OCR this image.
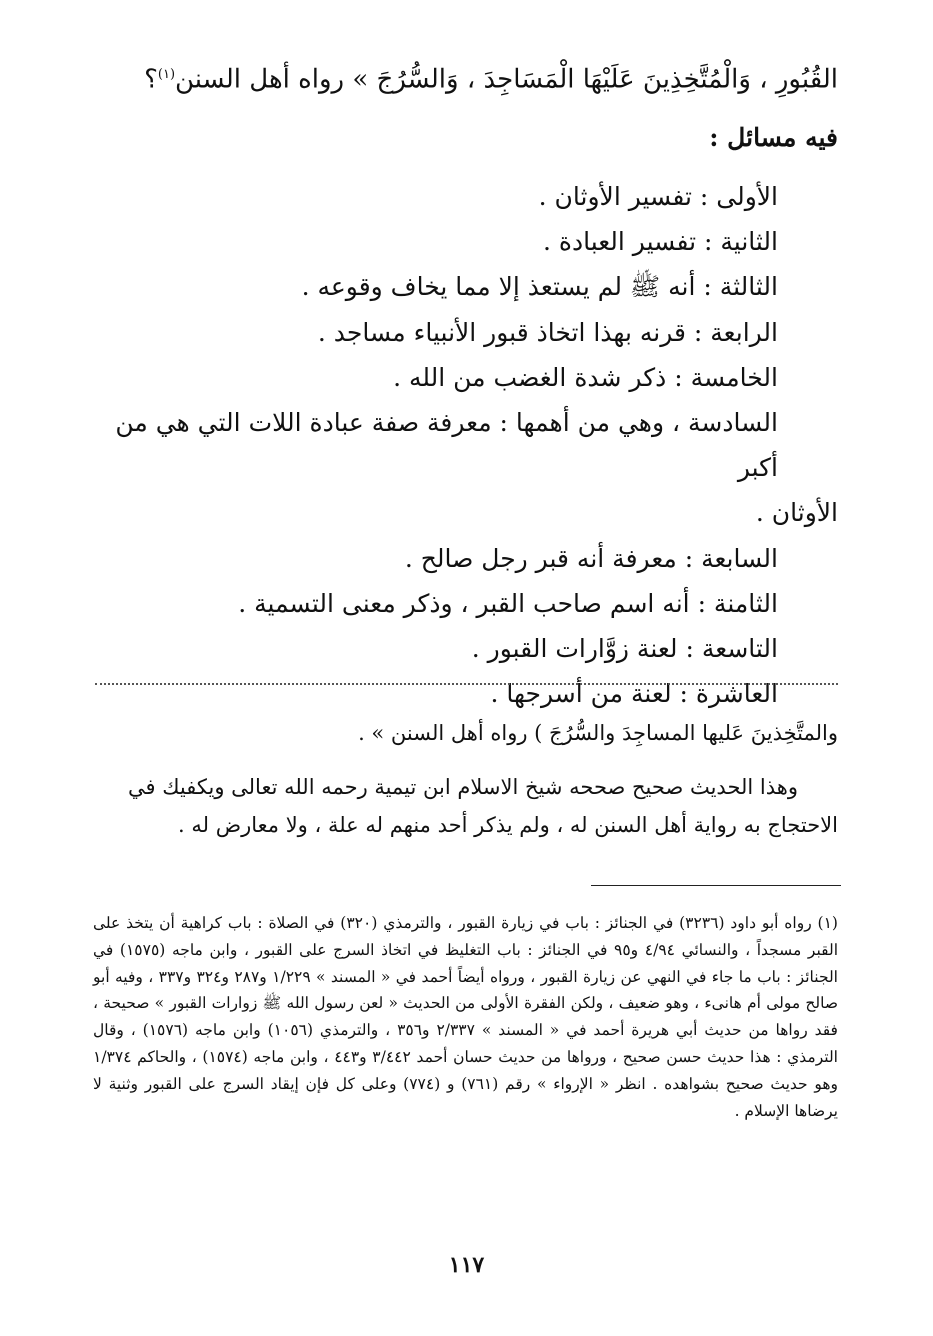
القُبُورِ ، وَالْمُتَّخِذِينَ عَلَيْهَا الْمَسَاجِدَ ، وَالسُّرُجَ » رواه أهل السنن$^{(١)}$؟
فيه مسائل :
الأولى : تفسير الأوثان .
الثانية : تفسير العبادة .
الثالثة : أنه ﷺ لم يستعذ إلا مما يخاف وقوعه .
الرابعة : قرنه بهذا اتخاذ قبور الأنبياء مساجد .
الخامسة : ذكر شدة الغضب من الله .
السادسة ، وهي من أهمها : معرفة صفة عبادة اللات التي هي من أكبر
الأوثان .
السابعة : معرفة أنه قبر رجل صالح .
الثامنة : أنه اسم صاحب القبر ، وذكر معنى التسمية .
التاسعة : لعنة زوَّارات القبور .
العاشرة : لعنة من أسرجها .

والمتَّخِذينَ عَليها المساجِدَ والسُّرُجَ ) رواه أهل السنن » .

وهذا الحديث صحيح صححه شيخ الاسلام ابن تيمية رحمه الله تعالى ويكفيك في الاحتجاج به رواية أهل السنن له ، ولم يذكر أحد منهم له علة ، ولا معارض له .

(١) رواه أبو داود (٣٢٣٦) في الجنائز : باب في زيارة القبور ، والترمذي (٣٢٠) في الصلاة : باب كراهية أن يتخذ على القبر مسجداً ، والنسائي ٤/٩٤ و٩٥ في الجنائز : باب التغليظ في اتخاذ السرج على القبور ، وابن ماجه (١٥٧٥) في الجنائز : باب ما جاء في النهي عن زيارة القبور ، ورواه أيضاً أحمد في « المسند » ١/٢٢٩ و٢٨٧ و٣٢٤ و٣٣٧ ، وفيه أبو صالح مولى أم هانىء ، وهو ضعيف ، ولكن الفقرة الأولى من الحديث « لعن رسول الله ﷺ زوارات القبور » صحيحة ، فقد رواها من حديث أبي هريرة أحمد في « المسند » ٢/٣٣٧ و٣٥٦ ، والترمذي (١٠٥٦) وابن ماجه (١٥٧٦) ، وقال الترمذي : هذا حديث حسن صحيح ، ورواها من حديث حسان أحمد ٣/٤٤٢ و٤٤٣ ، وابن ماجه (١٥٧٤) ، والحاكم ١/٣٧٤ وهو حديث صحيح بشواهده . انظر « الإرواء » رقم (٧٦١) و (٧٧٤) وعلى كل فإن إيقاد السرج على القبور وثنية لا يرضاها الإسلام .
١١٧
